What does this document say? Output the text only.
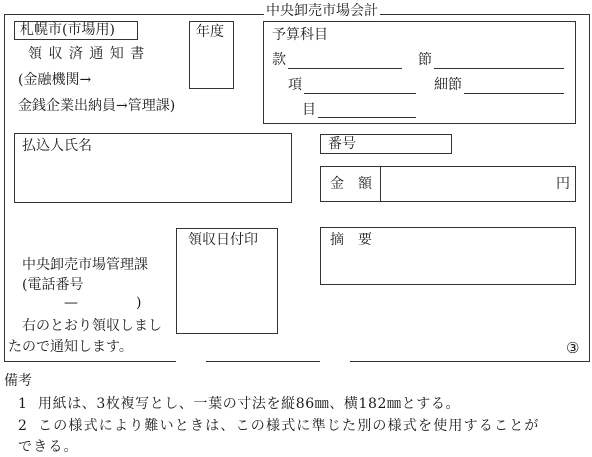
中央卸売市場会計
札幌市(市場用)
領 収 済 通 知 書
(金融機関→
金銭企業出納員→管理課)
年度	予算科目
款	節
項	細節
目
払込人氏名	番号
金　額	円
領収日付印	摘　要
中央卸売市場管理課
(電話番号
—	)
右のとおり領収しまし
たので通知します。	③
備考
1 用紙は、3枚複写とし、一葉の寸法を縦86㎜、横182㎜とする。
2 この様式により難いときは、この様式に準じた別の様式を使用することが
できる。
